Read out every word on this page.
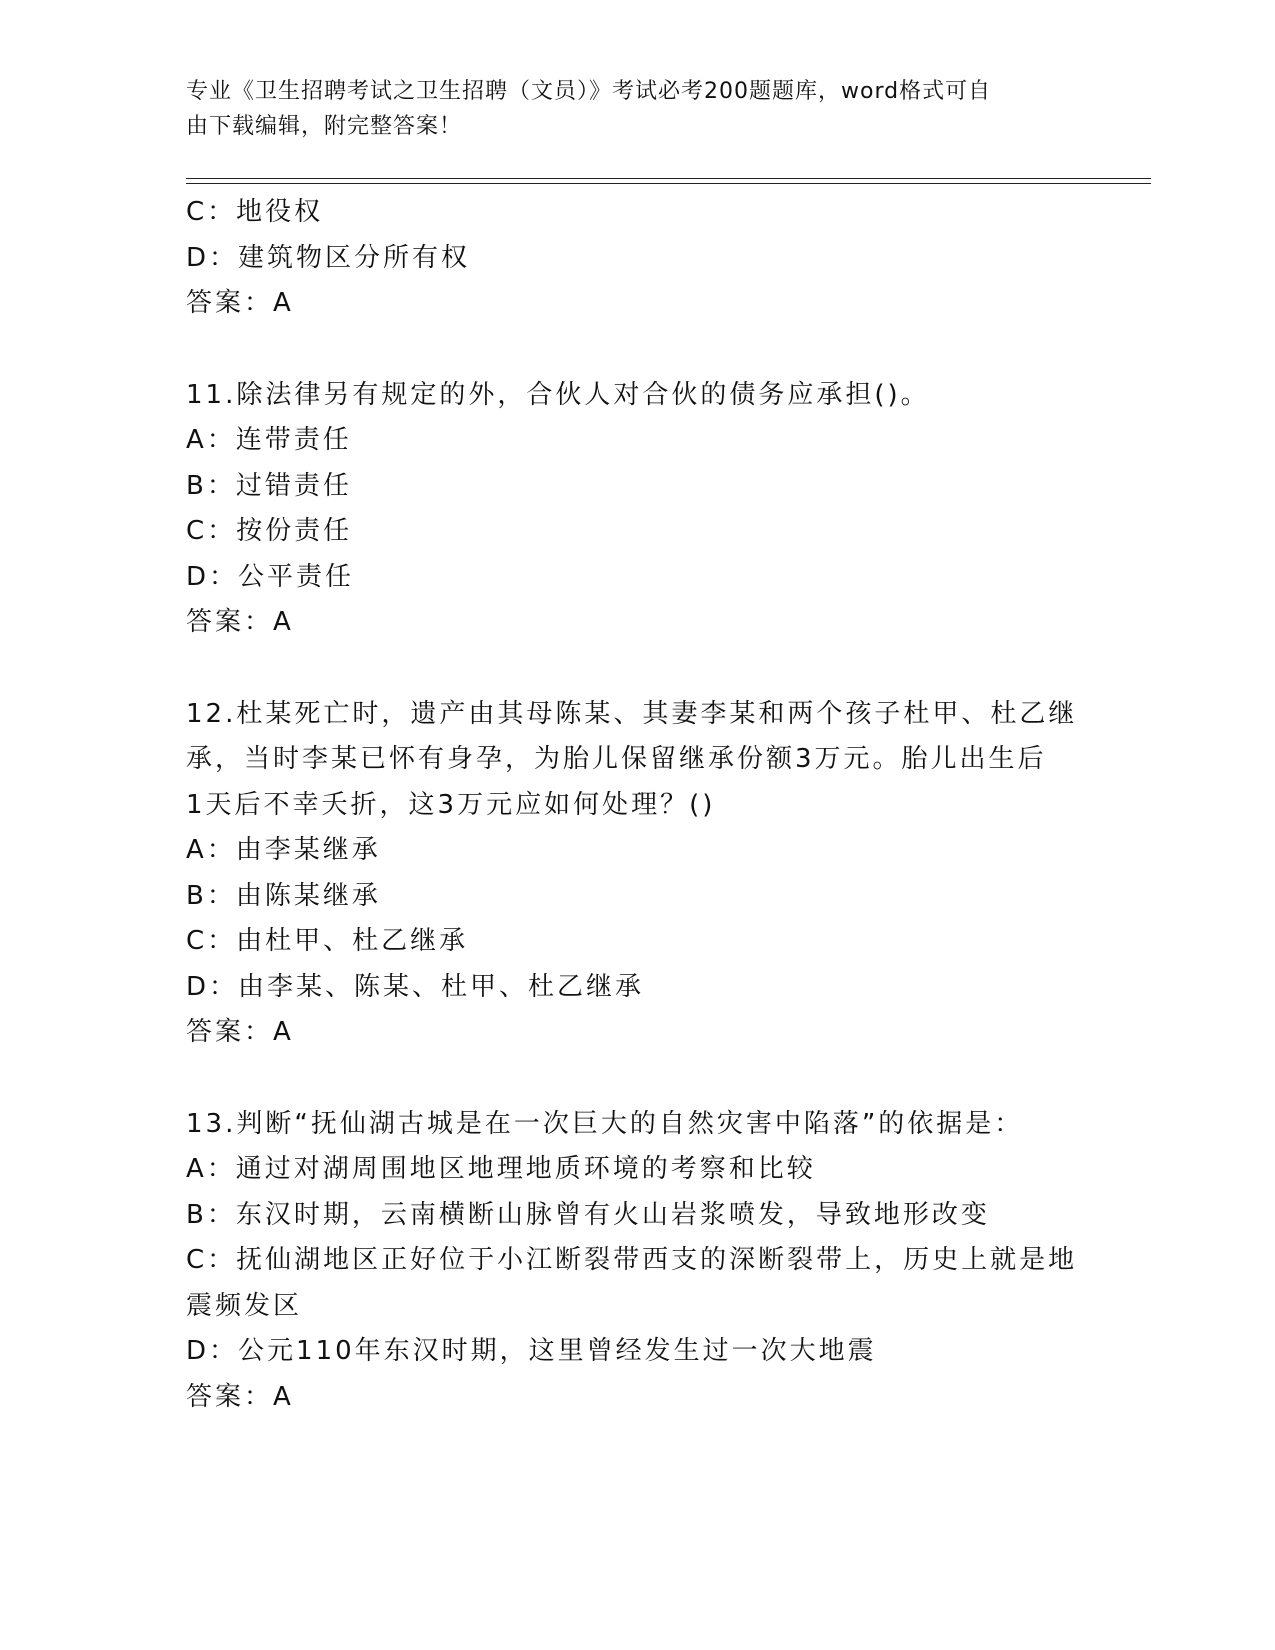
专业《卫生招聘考试之卫生招聘（文员）》考试必考200题题库，word格式可自
由下载编辑，附完整答案！
C：地役权
D：建筑物区分所有权
答案：A
11.除法律另有规定的外，合伙人对合伙的债务应承担()。
A：连带责任
B：过错责任
C：按份责任
D：公平责任
答案：A
12.杜某死亡时，遗产由其母陈某、其妻李某和两个孩子杜甲、杜乙继
承，当时李某已怀有身孕，为胎儿保留继承份额3万元。胎儿出生后
1天后不幸夭折，这3万元应如何处理？()
A：由李某继承
B：由陈某继承
C：由杜甲、杜乙继承
D：由李某、陈某、杜甲、杜乙继承
答案：A
13.判断“抚仙湖古城是在一次巨大的自然灾害中陷落”的依据是：
A：通过对湖周围地区地理地质环境的考察和比较
B：东汉时期，云南横断山脉曾有火山岩浆喷发，导致地形改变
C：抚仙湖地区正好位于小江断裂带西支的深断裂带上，历史上就是地
震频发区
D：公元110年东汉时期，这里曾经发生过一次大地震
答案：A
